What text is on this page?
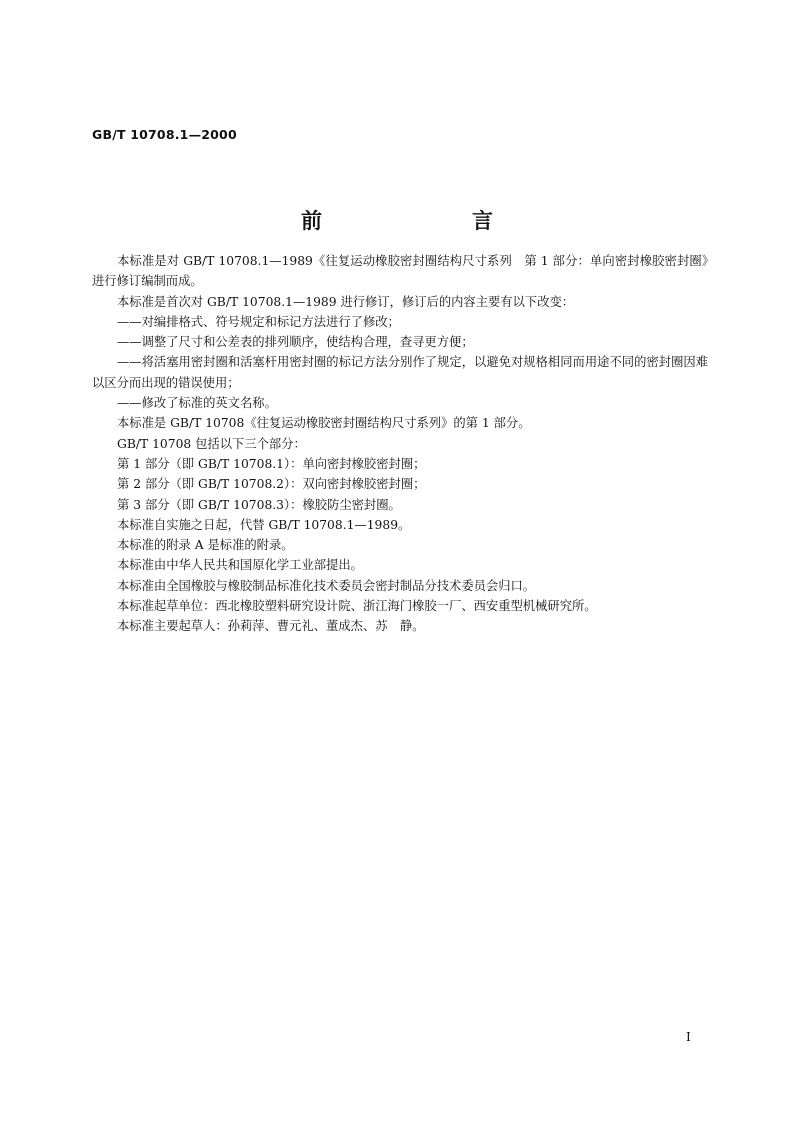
GB/T 10708.1—2000
前　　言

本标准是对 GB/T 10708.1—1989《往复运动橡胶密封圈结构尺寸系列　第 1 部分：单向密封橡胶密封圈》进行修订编制而成。

本标准是首次对 GB/T 10708.1—1989 进行修订，修订后的内容主要有以下改变：

——对编排格式、符号规定和标记方法进行了修改；

——调整了尺寸和公差表的排列顺序，使结构合理，查寻更方便；

——将活塞用密封圈和活塞杆用密封圈的标记方法分别作了规定，以避免对规格相同而用途不同的密封圈因难以区分而出现的错误使用；

——修改了标准的英文名称。

本标准是 GB/T 10708《往复运动橡胶密封圈结构尺寸系列》的第 1 部分。

GB/T 10708 包括以下三个部分：

第 1 部分（即 GB/T 10708.1）：单向密封橡胶密封圈；

第 2 部分（即 GB/T 10708.2）：双向密封橡胶密封圈；

第 3 部分（即 GB/T 10708.3）：橡胶防尘密封圈。

本标准自实施之日起，代替 GB/T 10708.1—1989。

本标准的附录 A 是标准的附录。

本标准由中华人民共和国原化学工业部提出。

本标准由全国橡胶与橡胶制品标准化技术委员会密封制品分技术委员会归口。

本标准起草单位：西北橡胶塑料研究设计院、浙江海门橡胶一厂、西安重型机械研究所。

本标准主要起草人：孙莉萍、曹元礼、董成杰、苏　静。

I
